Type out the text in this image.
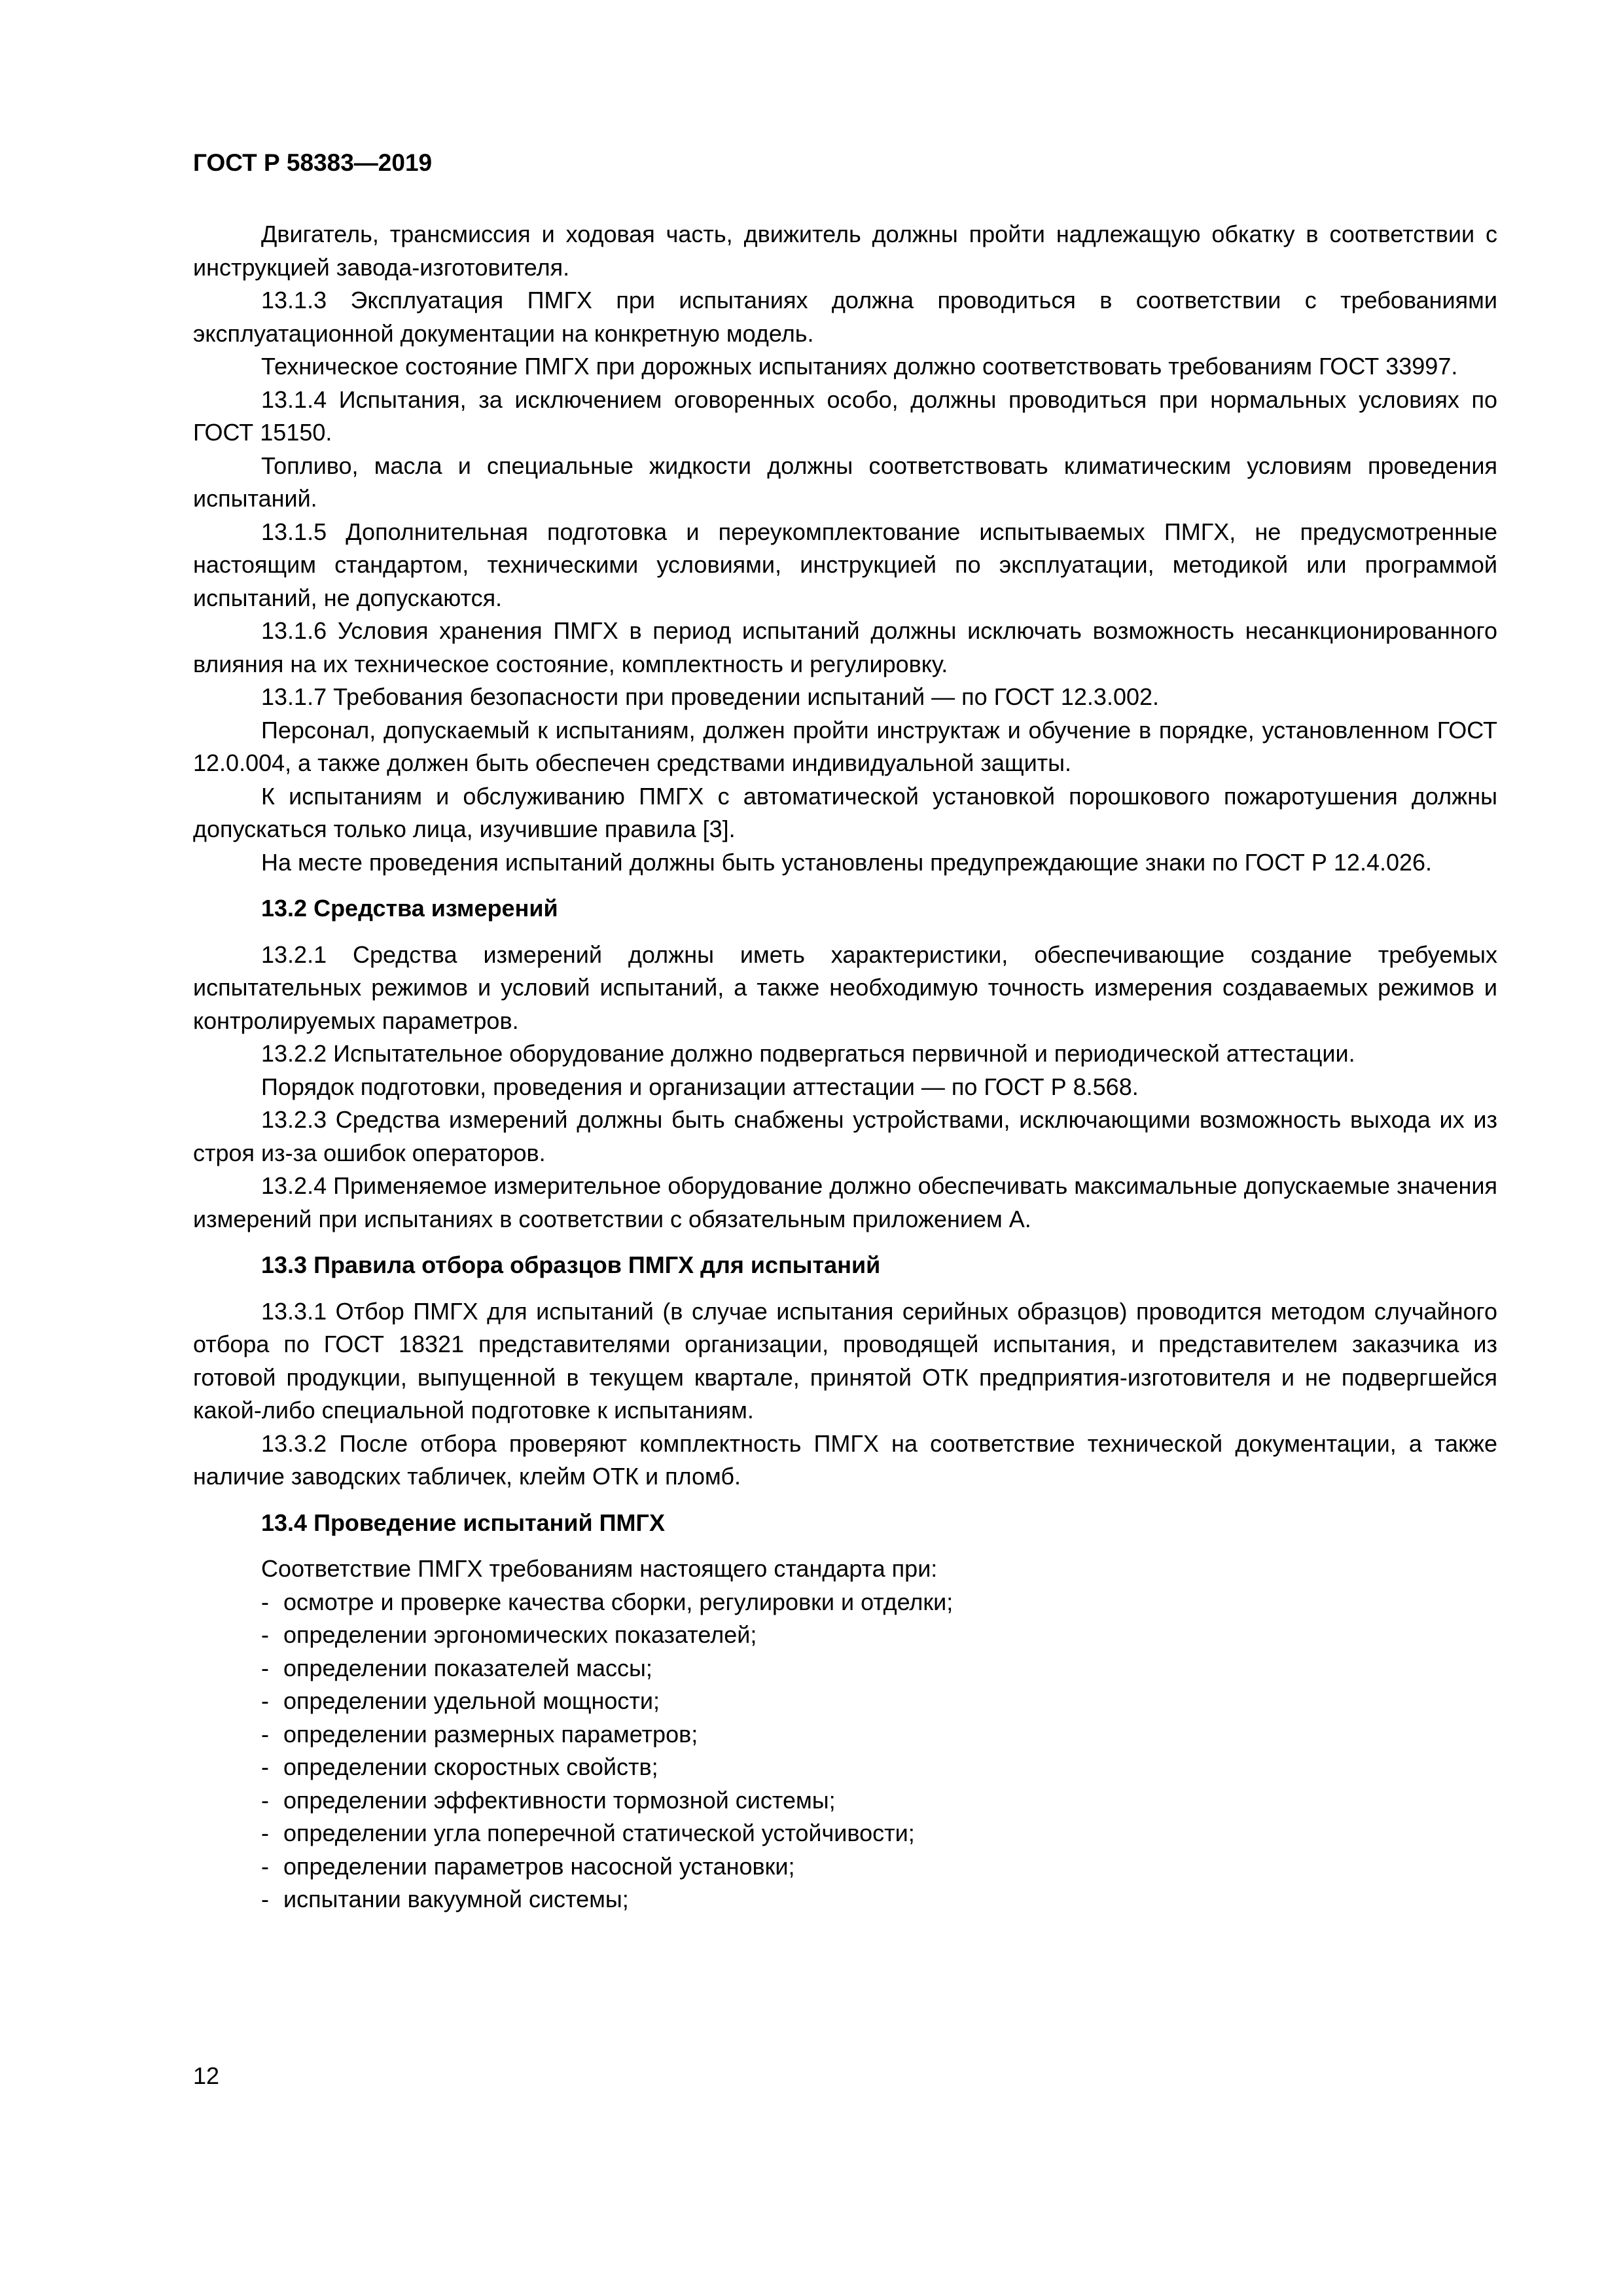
ГОСТ Р 58383—2019

Двигатель, трансмиссия и ходовая часть, движитель должны пройти надлежащую обкатку в соответствии с инструкцией завода-изготовителя.

13.1.3 Эксплуатация ПМГХ при испытаниях должна проводиться в соответствии с требованиями эксплуатационной документации на конкретную модель.

Техническое состояние ПМГХ при дорожных испытаниях должно соответствовать требованиям ГОСТ 33997.

13.1.4 Испытания, за исключением оговоренных особо, должны проводиться при нормальных условиях по ГОСТ 15150.

Топливо, масла и специальные жидкости должны соответствовать климатическим условиям проведения испытаний.

13.1.5 Дополнительная подготовка и переукомплектование испытываемых ПМГХ, не предусмотренные настоящим стандартом, техническими условиями, инструкцией по эксплуатации, методикой или программой испытаний, не допускаются.

13.1.6 Условия хранения ПМГХ в период испытаний должны исключать возможность несанкционированного влияния на их техническое состояние, комплектность и регулировку.

13.1.7 Требования безопасности при проведении испытаний — по ГОСТ 12.3.002.

Персонал, допускаемый к испытаниям, должен пройти инструктаж и обучение в порядке, установленном ГОСТ 12.0.004, а также должен быть обеспечен средствами индивидуальной защиты.

К испытаниям и обслуживанию ПМГХ с автоматической установкой порошкового пожаротушения должны допускаться только лица, изучившие правила [3].

На месте проведения испытаний должны быть установлены предупреждающие знаки по ГОСТ Р 12.4.026.

13.2 Средства измерений

13.2.1 Средства измерений должны иметь характеристики, обеспечивающие создание требуемых испытательных режимов и условий испытаний, а также необходимую точность измерения создаваемых режимов и контролируемых параметров.

13.2.2 Испытательное оборудование должно подвергаться первичной и периодической аттестации.

Порядок подготовки, проведения и организации аттестации — по ГОСТ Р 8.568.

13.2.3 Средства измерений должны быть снабжены устройствами, исключающими возможность выхода их из строя из-за ошибок операторов.

13.2.4 Применяемое измерительное оборудование должно обеспечивать максимальные допускаемые значения измерений при испытаниях в соответствии с обязательным приложением А.

13.3 Правила отбора образцов ПМГХ для испытаний

13.3.1 Отбор ПМГХ для испытаний (в случае испытания серийных образцов) проводится методом случайного отбора по ГОСТ 18321 представителями организации, проводящей испытания, и представителем заказчика из готовой продукции, выпущенной в текущем квартале, принятой ОТК предприятия-изготовителя и не подвергшейся какой-либо специальной подготовке к испытаниям.

13.3.2 После отбора проверяют комплектность ПМГХ на соответствие технической документации, а также наличие заводских табличек, клейм ОТК и пломб.

13.4 Проведение испытаний ПМГХ

Соответствие ПМГХ требованиям настоящего стандарта при:

- осмотре и проверке качества сборки, регулировки и отделки;
- определении эргономических показателей;
- определении показателей массы;
- определении удельной мощности;
- определении размерных параметров;
- определении скоростных свойств;
- определении эффективности тормозной системы;
- определении угла поперечной статической устойчивости;
- определении параметров насосной установки;
- испытании вакуумной системы;
12
